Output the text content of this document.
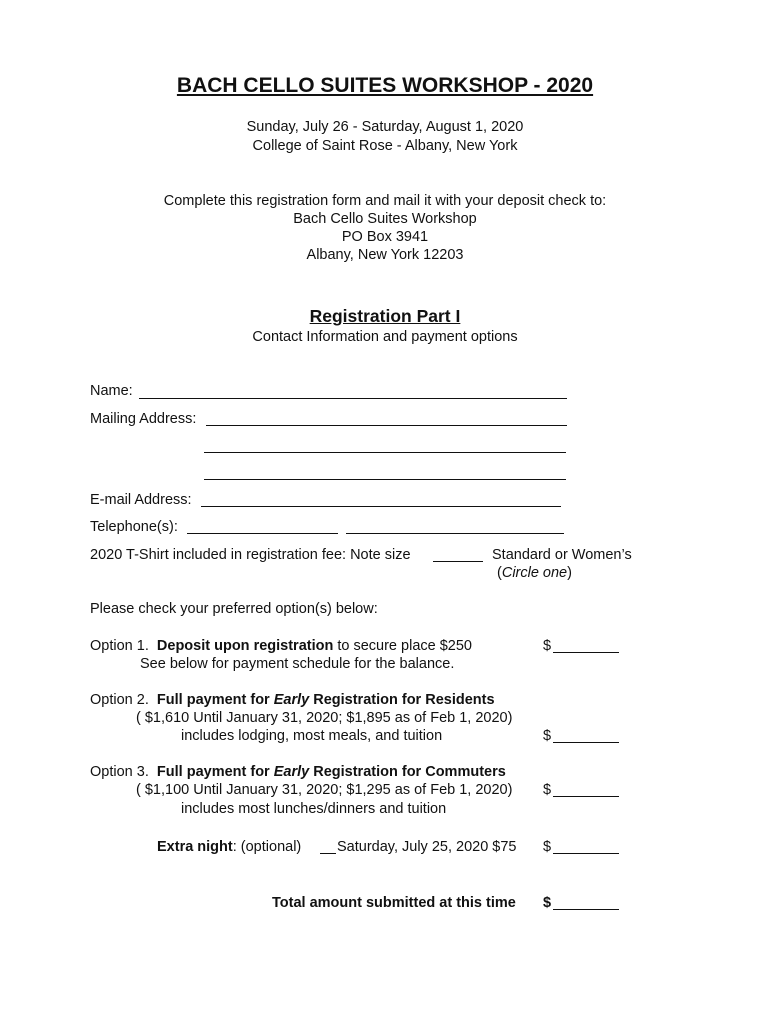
BACH CELLO SUITES WORKSHOP - 2020
Sunday, July 26 - Saturday, August 1, 2020
College of Saint Rose - Albany, New York
Complete this registration form and mail it with your deposit check to:
Bach Cello Suites Workshop
PO Box 3941
Albany, New York 12203
Registration Part I
Contact Information and payment options
Name:
Mailing Address:
E-mail Address:
Telephone(s):
2020 T-Shirt included in registration fee: Note size	Standard or Women’s
(Circle one)
Please check your preferred option(s) below:
Option 1. Deposit upon registration to secure place $250
See below for payment schedule for the balance.
$
Option 2. Full payment for Early Registration for Residents
( $1,610 Until January 31, 2020; $1,895 as of Feb 1, 2020)
includes lodging, most meals, and tuition	$
Option 3. Full payment for Early Registration for Commuters
( $1,100 Until January 31, 2020; $1,295 as of Feb 1, 2020)
includes most lunches/dinners and tuition
$
Extra night: (optional) Saturday, July 25, 2020 $75 $
Total amount submitted at this time $
